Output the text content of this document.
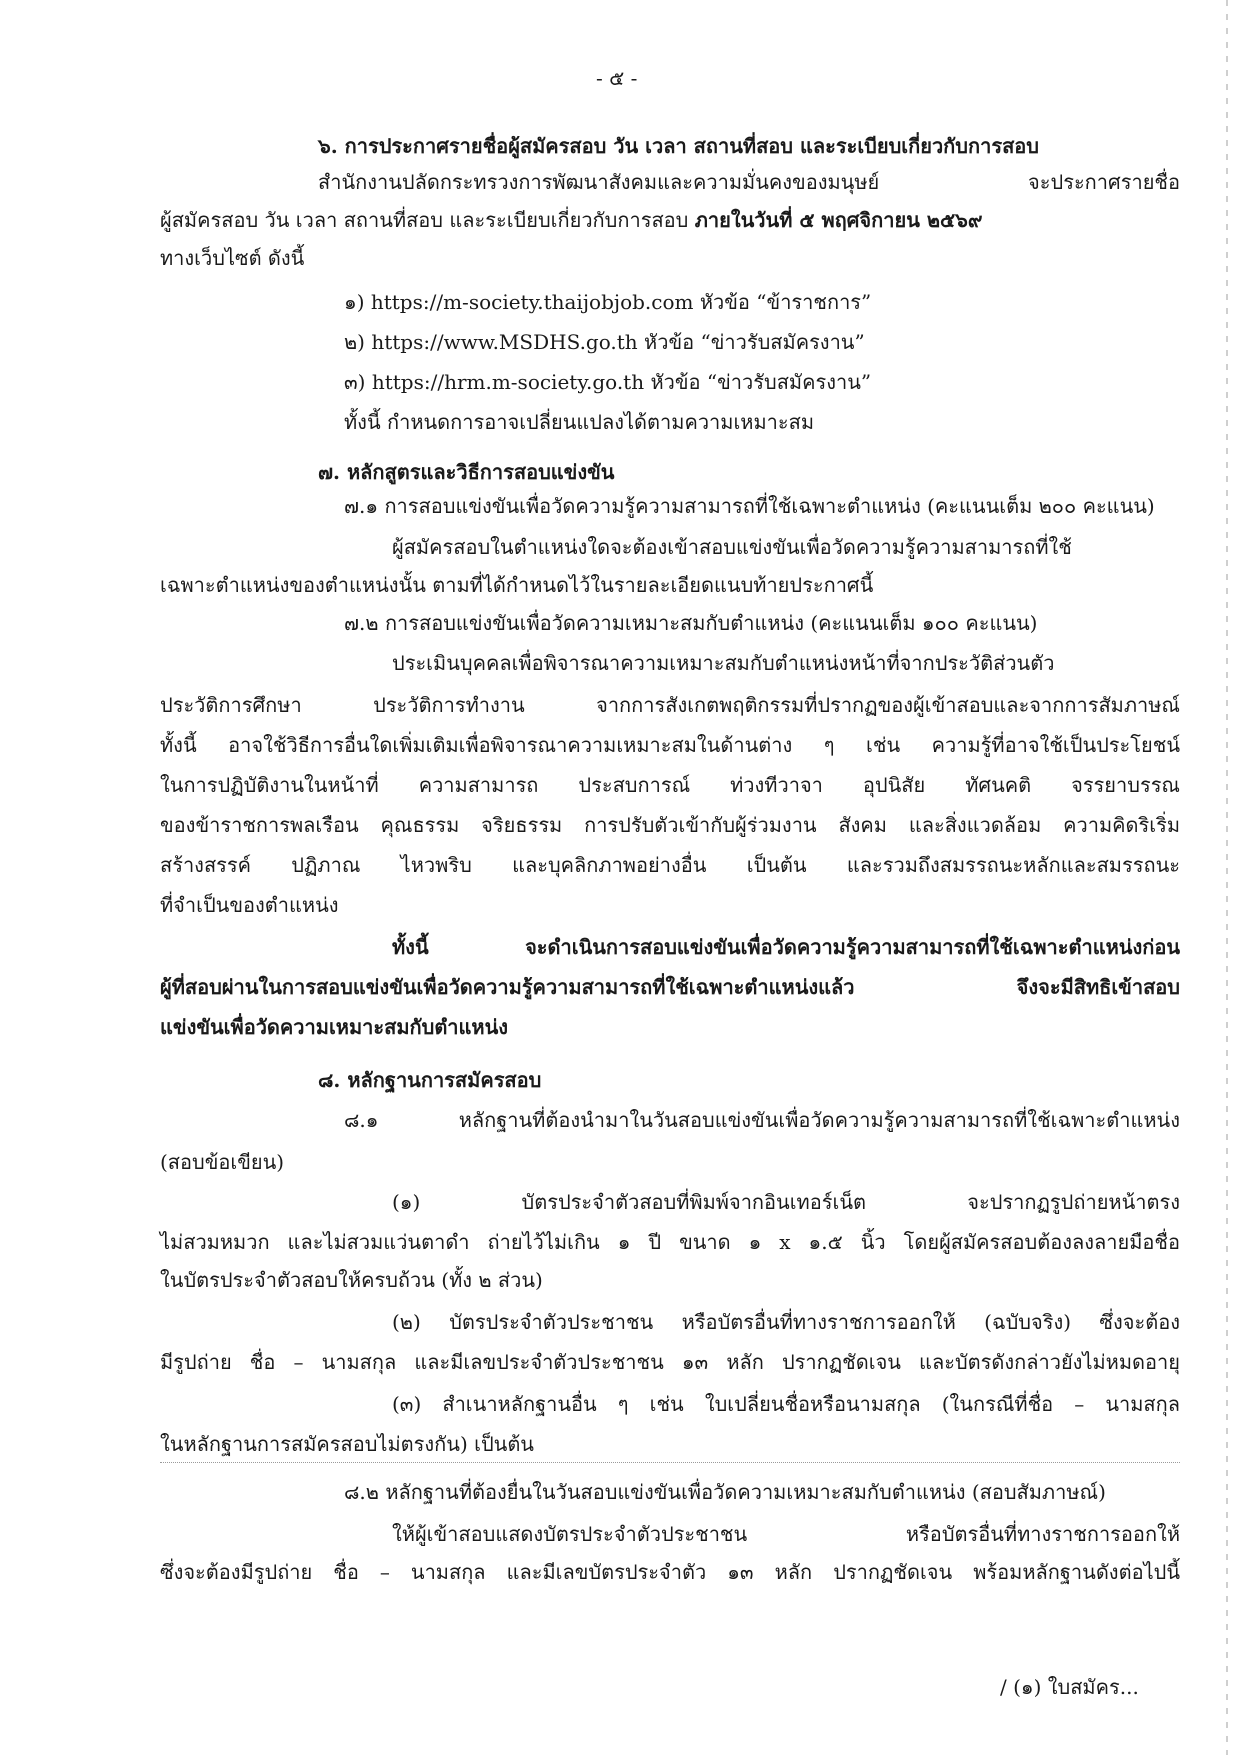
- ๕ -
๖. การประกาศรายชื่อผู้สมัครสอบ วัน เวลา สถานที่สอบ และระเบียบเกี่ยวกับการสอบ
สำนักงานปลัดกระทรวงการพัฒนาสังคมและความมั่นคงของมนุษย์ จะประกาศรายชื่อ
ผู้สมัครสอบ วัน เวลา สถานที่สอบ และระเบียบเกี่ยวกับการสอบ ภายในวันที่ ๕ พฤศจิกายน ๒๕๖๙
ทางเว็บไซต์ ดังนี้
๑) https://m-society.thaijobjob.com หัวข้อ “ข้าราชการ”
๒) https://www.MSDHS.go.th หัวข้อ “ข่าวรับสมัครงาน”
๓) https://hrm.m-society.go.th หัวข้อ “ข่าวรับสมัครงาน”
ทั้งนี้ กำหนดการอาจเปลี่ยนแปลงได้ตามความเหมาะสม
๗. หลักสูตรและวิธีการสอบแข่งขัน
๗.๑ การสอบแข่งขันเพื่อวัดความรู้ความสามารถที่ใช้เฉพาะตำแหน่ง (คะแนนเต็ม ๒๐๐ คะแนน)
ผู้สมัครสอบในตำแหน่งใดจะต้องเข้าสอบแข่งขันเพื่อวัดความรู้ความสามารถที่ใช้
เฉพาะตำแหน่งของตำแหน่งนั้น ตามที่ได้กำหนดไว้ในรายละเอียดแนบท้ายประกาศนี้
๗.๒ การสอบแข่งขันเพื่อวัดความเหมาะสมกับตำแหน่ง (คะแนนเต็ม ๑๐๐ คะแนน)
ประเมินบุคคลเพื่อพิจารณาความเหมาะสมกับตำแหน่งหน้าที่จากประวัติส่วนตัว
ประวัติการศึกษา ประวัติการทำงาน จากการสังเกตพฤติกรรมที่ปรากฏของผู้เข้าสอบและจากการสัมภาษณ์
ทั้งนี้ อาจใช้วิธีการอื่นใดเพิ่มเติมเพื่อพิจารณาความเหมาะสมในด้านต่าง ๆ เช่น ความรู้ที่อาจใช้เป็นประโยชน์
ในการปฏิบัติงานในหน้าที่ ความสามารถ ประสบการณ์ ท่วงทีวาจา อุปนิสัย ทัศนคติ จรรยาบรรณ
ของข้าราชการพลเรือน คุณธรรม จริยธรรม การปรับตัวเข้ากับผู้ร่วมงาน สังคม และสิ่งแวดล้อม ความคิดริเริ่ม
สร้างสรรค์ ปฏิภาณ ไหวพริบ และบุคลิกภาพอย่างอื่น เป็นต้น และรวมถึงสมรรถนะหลักและสมรรถนะ
ที่จำเป็นของตำแหน่ง
ทั้งนี้ จะดำเนินการสอบแข่งขันเพื่อวัดความรู้ความสามารถที่ใช้เฉพาะตำแหน่งก่อน
ผู้ที่สอบผ่านในการสอบแข่งขันเพื่อวัดความรู้ความสามารถที่ใช้เฉพาะตำแหน่งแล้ว จึงจะมีสิทธิเข้าสอบ
แข่งขันเพื่อวัดความเหมาะสมกับตำแหน่ง
๘. หลักฐานการสมัครสอบ
๘.๑ หลักฐานที่ต้องนำมาในวันสอบแข่งขันเพื่อวัดความรู้ความสามารถที่ใช้เฉพาะตำแหน่ง
(สอบข้อเขียน)
(๑) บัตรประจำตัวสอบที่พิมพ์จากอินเทอร์เน็ต จะปรากฏรูปถ่ายหน้าตรง
ไม่สวมหมวก และไม่สวมแว่นตาดำ ถ่ายไว้ไม่เกิน ๑ ปี ขนาด ๑ x ๑.๕ นิ้ว โดยผู้สมัครสอบต้องลงลายมือชื่อ
ในบัตรประจำตัวสอบให้ครบถ้วน (ทั้ง ๒ ส่วน)
(๒) บัตรประจำตัวประชาชน หรือบัตรอื่นที่ทางราชการออกให้ (ฉบับจริง) ซึ่งจะต้อง
มีรูปถ่าย ชื่อ – นามสกุล และมีเลขประจำตัวประชาชน ๑๓ หลัก ปรากฏชัดเจน และบัตรดังกล่าวยังไม่หมดอายุ
(๓) สำเนาหลักฐานอื่น ๆ เช่น ใบเปลี่ยนชื่อหรือนามสกุล (ในกรณีที่ชื่อ – นามสกุล
ในหลักฐานการสมัครสอบไม่ตรงกัน) เป็นต้น
๘.๒ หลักฐานที่ต้องยื่นในวันสอบแข่งขันเพื่อวัดความเหมาะสมกับตำแหน่ง (สอบสัมภาษณ์)
ให้ผู้เข้าสอบแสดงบัตรประจำตัวประชาชน หรือบัตรอื่นที่ทางราชการออกให้
ซึ่งจะต้องมีรูปถ่าย ชื่อ – นามสกุล และมีเลขบัตรประจำตัว ๑๓ หลัก ปรากฏชัดเจน พร้อมหลักฐานดังต่อไปนี้
/ (๑) ใบสมัคร...
